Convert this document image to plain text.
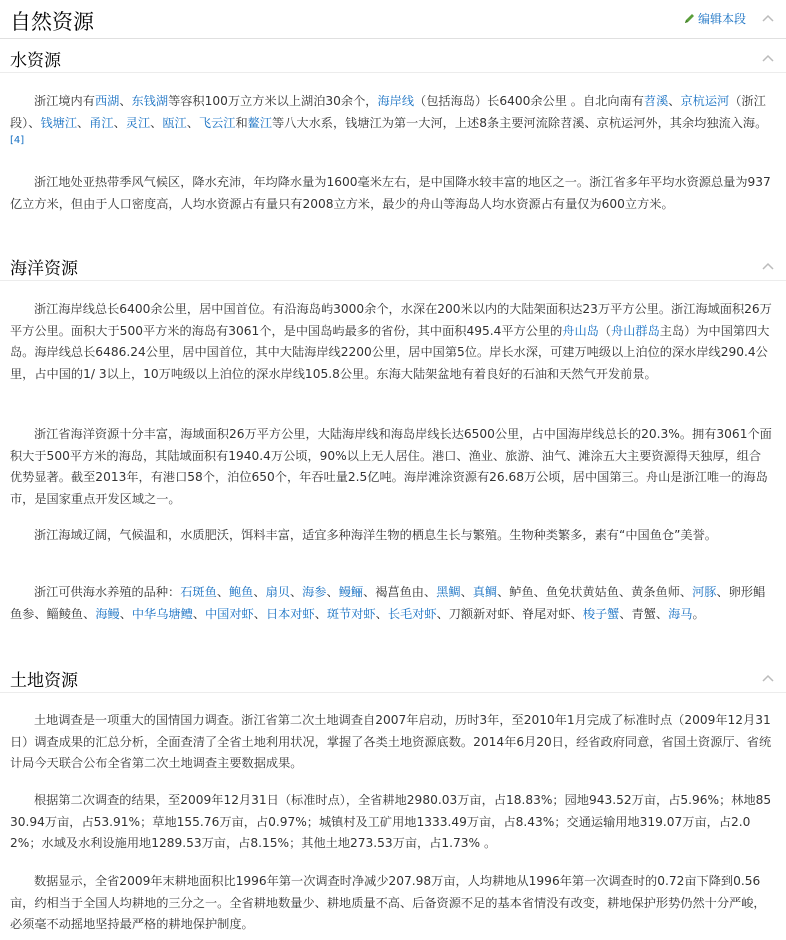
自然资源	编辑本段
水资源

浙江境内有西湖、东钱湖等容积100万立方米以上湖泊30余个，海岸线（包括海岛）长6400余公里 。自北向南有苕溪、京杭运河（浙江段）、钱塘江、甬江、灵江、瓯江、飞云江和鳌江等八大水系，钱塘江为第一大河，上述8条主要河流除苕溪、京杭运河外，其余均独流入海。[4]

浙江地处亚热带季风气候区，降水充沛，年均降水量为1600毫米左右，是中国降水较丰富的地区之一。浙江省多年平均水资源总量为937亿立方米，但由于人口密度高，人均水资源占有量只有2008立方米，最少的舟山等海岛人均水资源占有量仅为600立方米。

海洋资源

浙江海岸线总长6400余公里，居中国首位。有沿海岛屿3000余个，水深在200米以内的大陆架面积达23万平方公里。浙江海域面积26万平方公里。面积大于500平方米的海岛有3061个，是中国岛屿最多的省份，其中面积495.4平方公里的舟山岛（舟山群岛主岛）为中国第四大岛。海岸线总长6486.24公里，居中国首位，其中大陆海岸线2200公里，居中国第5位。岸长水深，可建万吨级以上泊位的深水岸线290.4公里，占中国的1/ 3以上，10万吨级以上泊位的深水岸线105.8公里。东海大陆架盆地有着良好的石油和天然气开发前景。

浙江省海洋资源十分丰富，海域面积26万平方公里，大陆海岸线和海岛岸线长达6500公里，占中国海岸线总长的20.3%。拥有3061个面积大于500平方米的海岛，其陆域面积有1940.4万公顷，90%以上无人居住。港口、渔业、旅游、油气、滩涂五大主要资源得天独厚，组合优势显著。截至2013年，有港口58个，泊位650个，年吞吐量2.5亿吨。海岸滩涂资源有26.68万公顷，居中国第三。舟山是浙江唯一的海岛市，是国家重点开发区域之一。

浙江海域辽阔，气候温和，水质肥沃，饵料丰富，适宜多种海洋生物的栖息生长与繁殖。生物种类繁多，素有“中国鱼仓”美誉。

浙江可供海水养殖的品种：石斑鱼、鲍鱼、扇贝、海参、鳗鲡、褐菖鱼由、黑鲷、真鲷、鲈鱼、鱼免状黄姑鱼、黄条鱼师、河豚、卵形鲳鱼参、鲻鲮鱼、海鳗、中华乌塘鳢、中国对虾、日本对虾、斑节对虾、长毛对虾、刀额新对虾、脊尾对虾、梭子蟹、青蟹、海马。

土地资源

土地调查是一项重大的国情国力调查。浙江省第二次土地调查自2007年启动，历时3年，至2010年1月完成了标准时点（2009年12月31日）调查成果的汇总分析，全面查清了全省土地利用状况，掌握了各类土地资源底数。2014年6月20日，经省政府同意，省国土资源厅、省统计局今天联合公布全省第二次土地调查主要数据成果。

根据第二次调查的结果，至2009年12月31日（标准时点），全省耕地2980.03万亩，占18.83%；园地943.52万亩，占5.96%；林地8530.94万亩，占53.91%；草地155.76万亩，占0.97%；城镇村及工矿用地1333.49万亩，占8.43%；交通运输用地319.07万亩，占2.02%；水域及水利设施用地1289.53万亩，占8.15%；其他土地273.53万亩，占1.73% 。

数据显示，全省2009年末耕地面积比1996年第一次调查时净减少207.98万亩，人均耕地从1996年第一次调查时的0.72亩下降到0.56亩，约相当于全国人均耕地的三分之一。全省耕地数量少、耕地质量不高、后备资源不足的基本省情没有改变，耕地保护形势仍然十分严峻，必须毫不动摇地坚持最严格的耕地保护制度。
